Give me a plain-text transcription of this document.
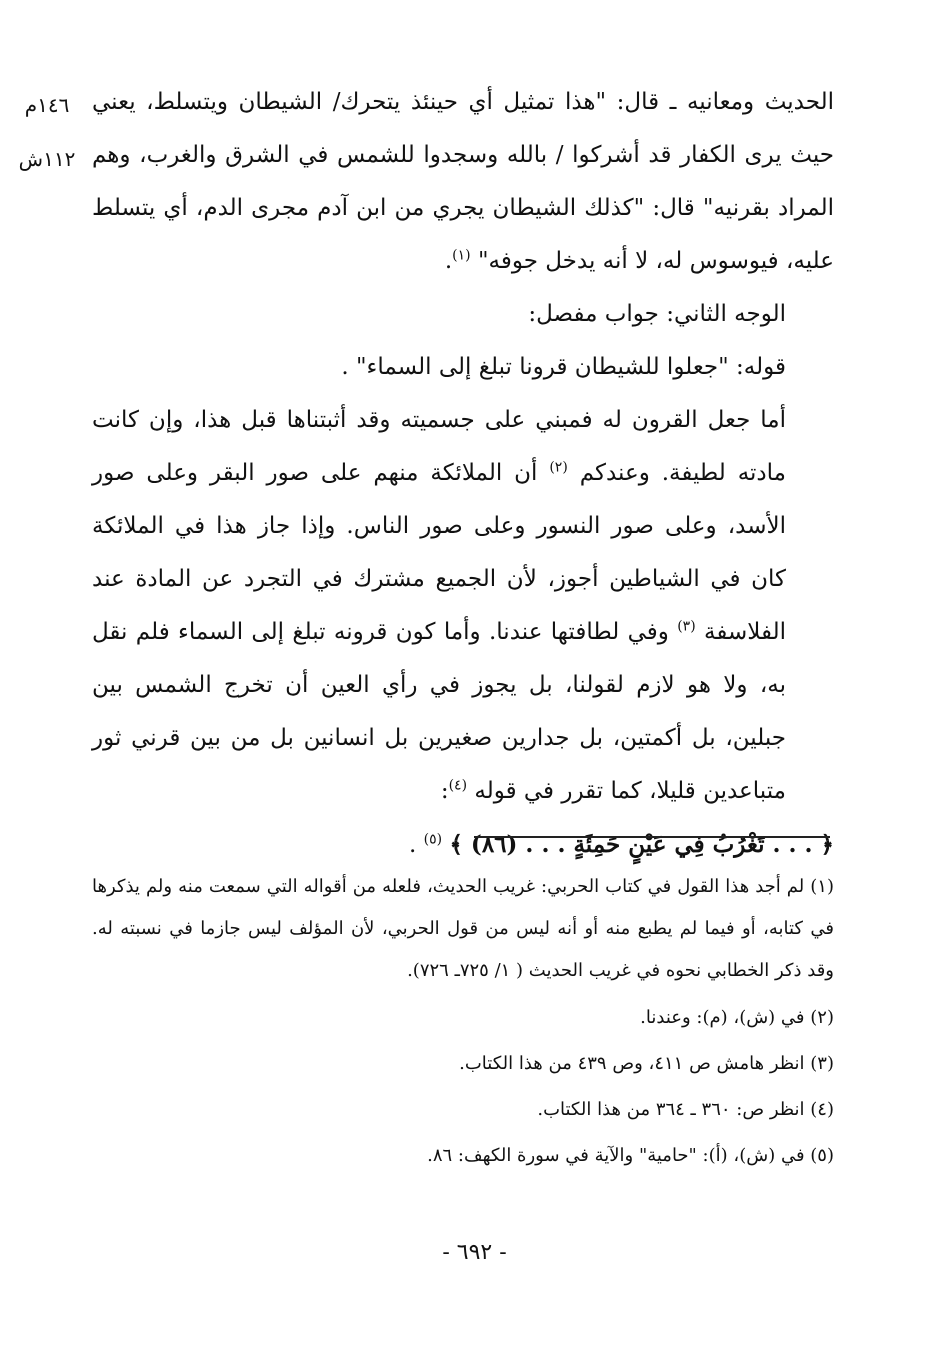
١٤٦م
١١٢ش

الحديث ومعانيه ـ قال: "هذا تمثيل أي حينئذ يتحرك/ الشيطان ويتسلط، يعني حيث يرى الكفار قد أشركوا / بالله وسجدوا للشمس في الشرق والغرب، وهم المراد بقرنيه" قال: "كذلك الشيطان يجري من ابن آدم مجرى الدم، أي يتسلط عليه، فيوسوس له، لا أنه يدخل جوفه" $^{(١)}$.

الوجه الثاني: جواب مفصل:

قوله: "جعلوا للشيطان قرونا تبلغ إلى السماء" .

أما جعل القرون له فمبني على جسميته وقد أثبتناها قبل هذا، وإن كانت مادته لطيفة. وعندكم $^{(٢)}$ أن الملائكة منهم على صور البقر وعلى صور الأسد، وعلى صور النسور وعلى صور الناس. وإذا جاز هذا في الملائكة كان في الشياطين أجوز، لأن الجميع مشترك في التجرد عن المادة عند الفلاسفة $^{(٣)}$ وفي لطافتها عندنا. وأما كون قرونه تبلغ إلى السماء فلم نقل به، ولا هو لازم لقولنا، بل يجوز في رأي العين أن تخرج الشمس بين جبلين، بل أكمتين، بل جدارين صغيرين بل انسانين بل من بين قرني ثور متباعدين قليلا، كما تقرر في قوله $^{(٤)}$:

﴿ . . . تَغْرُبُ فِي عَيْنٍ حَمِئَةٍ . . . (٨٦) ﴾ $^{(٥)}$ .

(١) لم أجد هذا القول في كتاب الحربي: غريب الحديث، فلعله من أقواله التي سمعت منه ولم يذكرها في كتابه، أو فيما لم يطبع منه أو أنه ليس من قول الحربي، لأن المؤلف ليس جازما في نسبته له. وقد ذكر الخطابي نحوه في غريب الحديث ( ١/ ٧٢٥ـ ٧٢٦).

(٢) في (ش)، (م): وعندنا.

(٣) انظر هامش ص ٤١١، وص ٤٣٩ من هذا الكتاب.

(٤) انظر ص: ٣٦٠ ـ ٣٦٤ من هذا الكتاب.

(٥) في (ش)، (أ): "حامية" والآية في سورة الكهف: ٨٦.

- ٦٩٢ -
